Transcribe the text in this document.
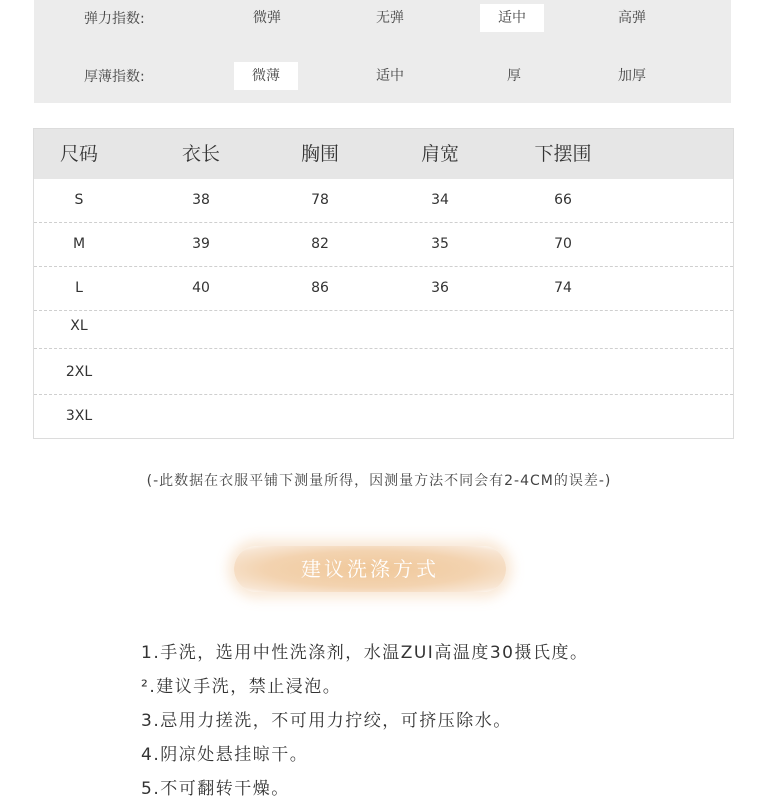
弹力指数:	微弹	无弹	适中	高弹
厚薄指数:	微薄	适中	厚	加厚
尺码	衣长	胸围	肩宽	下摆围
S	38	78	34	66
M	39	82	35	70
L	40	86	36	74
XL
2XL
3XL
(-此数据在衣服平铺下测量所得，因测量方法不同会有2-4CM的误差-)
建议洗涤方式
1.手洗，选用中性洗涤剂，水温ZUI高温度30摄氏度。
².建议手洗，禁止浸泡。
3.忌用力搓洗，不可用力拧绞，可挤压除水。
4.阴凉处悬挂晾干。
5.不可翻转干燥。
